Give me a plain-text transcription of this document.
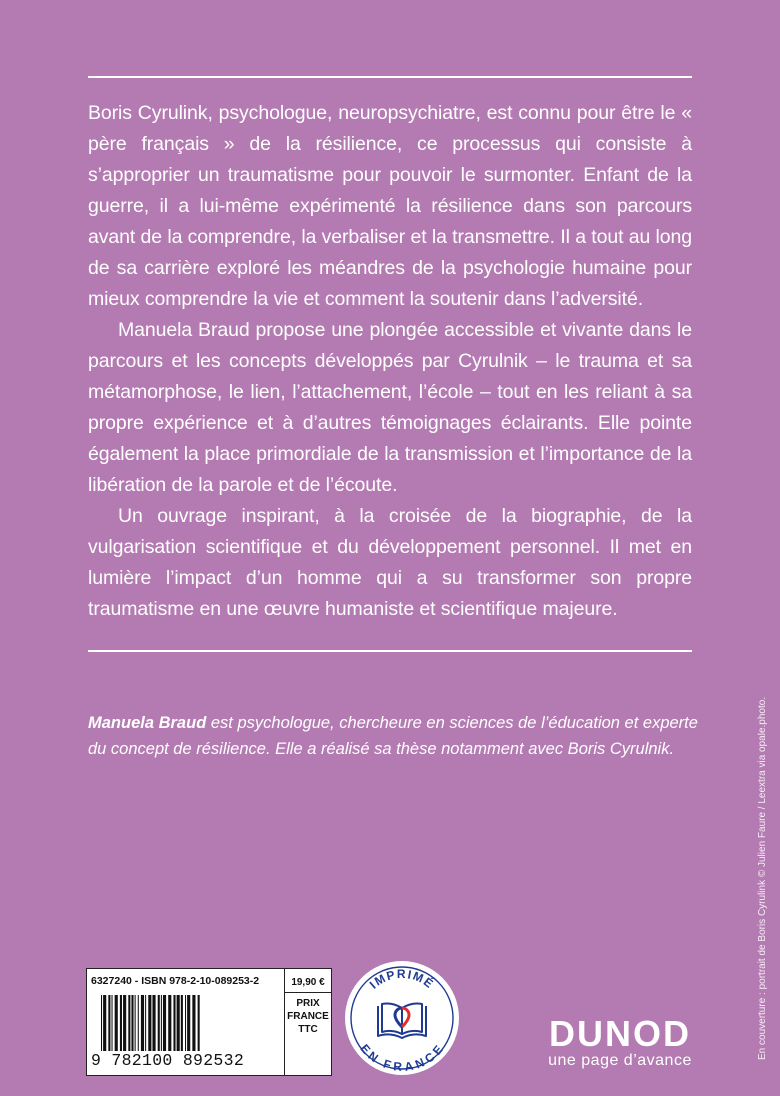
Boris Cyrulink, psychologue, neuropsychiatre, est connu pour être le « père français » de la résilience, ce processus qui consiste à s’approprier un traumatisme pour pouvoir le surmonter. Enfant de la guerre, il a lui-même expérimenté la résilience dans son parcours avant de la comprendre, la verbaliser et la transmettre. Il a tout au long de sa carrière exploré les méandres de la psychologie humaine pour mieux comprendre la vie et comment la soutenir dans l’adversité.

Manuela Braud propose une plongée accessible et vivante dans le parcours et les concepts développés par Cyrulnik – le trauma et sa métamorphose, le lien, l’attachement, l’école – tout en les reliant à sa propre expérience et à d’autres témoignages éclairants. Elle pointe également la place primordiale de la transmission et l’importance de la libération de la parole et de l’écoute.

Un ouvrage inspirant, à la croisée de la biographie, de la vulgarisation scientifique et du développement personnel. Il met en lumière l’impact d’un homme qui a su transformer son propre traumatisme en une œuvre humaniste et scientifique majeure.

Manuela Braud est psychologue, chercheure en sciences de l’éducation et experte du concept de résilience. Elle a réalisé sa thèse notamment avec Boris Cyrulnik.	En couverture : portrait de Boris Cyrulink © Julien Faure / Leextra via opale.photo.
6327240 - ISBN 978-2-10-089253-2
9 782100 892532
19,90 €
PRIX
FRANCE
TTC
IMPRIMÉ
EN FRANCE	DUNOD
une page d’avance
